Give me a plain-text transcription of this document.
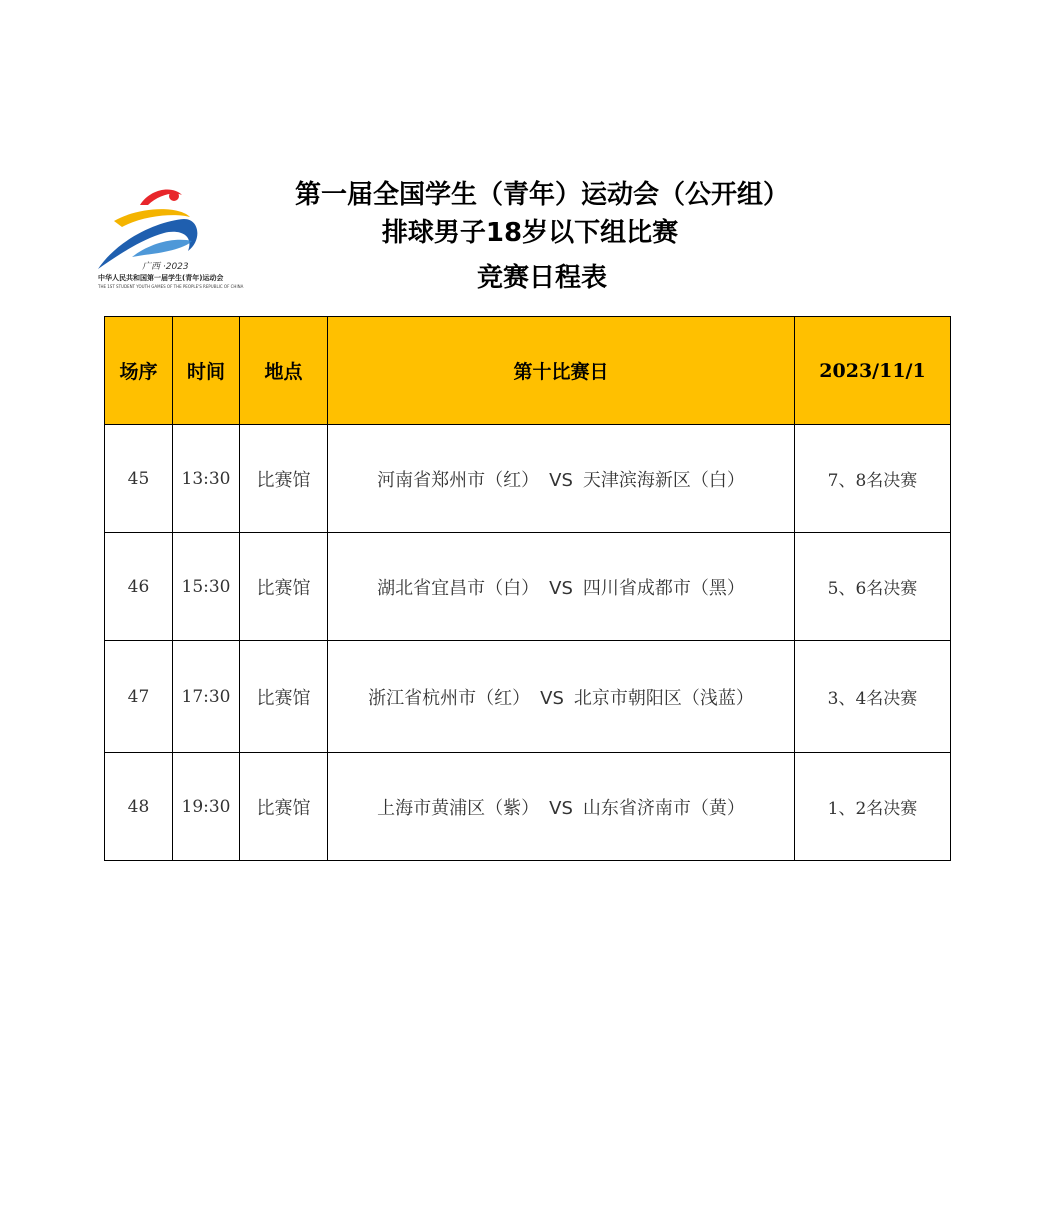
广西 ·2023
中华人民共和国第一届学生(青年)运动会
THE 1ST STUDENT YOUTH GAMES OF THE PEOPLE'S REPUBLIC OF CHINA
第一届全国学生（青年）运动会（公开组）
排球男子18岁以下组比赛
竞赛日程表
场序	时间	地点	第十比赛日	2023/11/1
45	13:30	比赛馆	河南省郑州市（红） VS 天津滨海新区（白）	7、8名决赛
46	15:30	比赛馆	湖北省宜昌市（白） VS 四川省成都市（黑）	5、6名决赛
47	17:30	比赛馆	浙江省杭州市（红） VS 北京市朝阳区（浅蓝）	3、4名决赛
48	19:30	比赛馆	上海市黄浦区（紫） VS 山东省济南市（黄）	1、2名决赛
